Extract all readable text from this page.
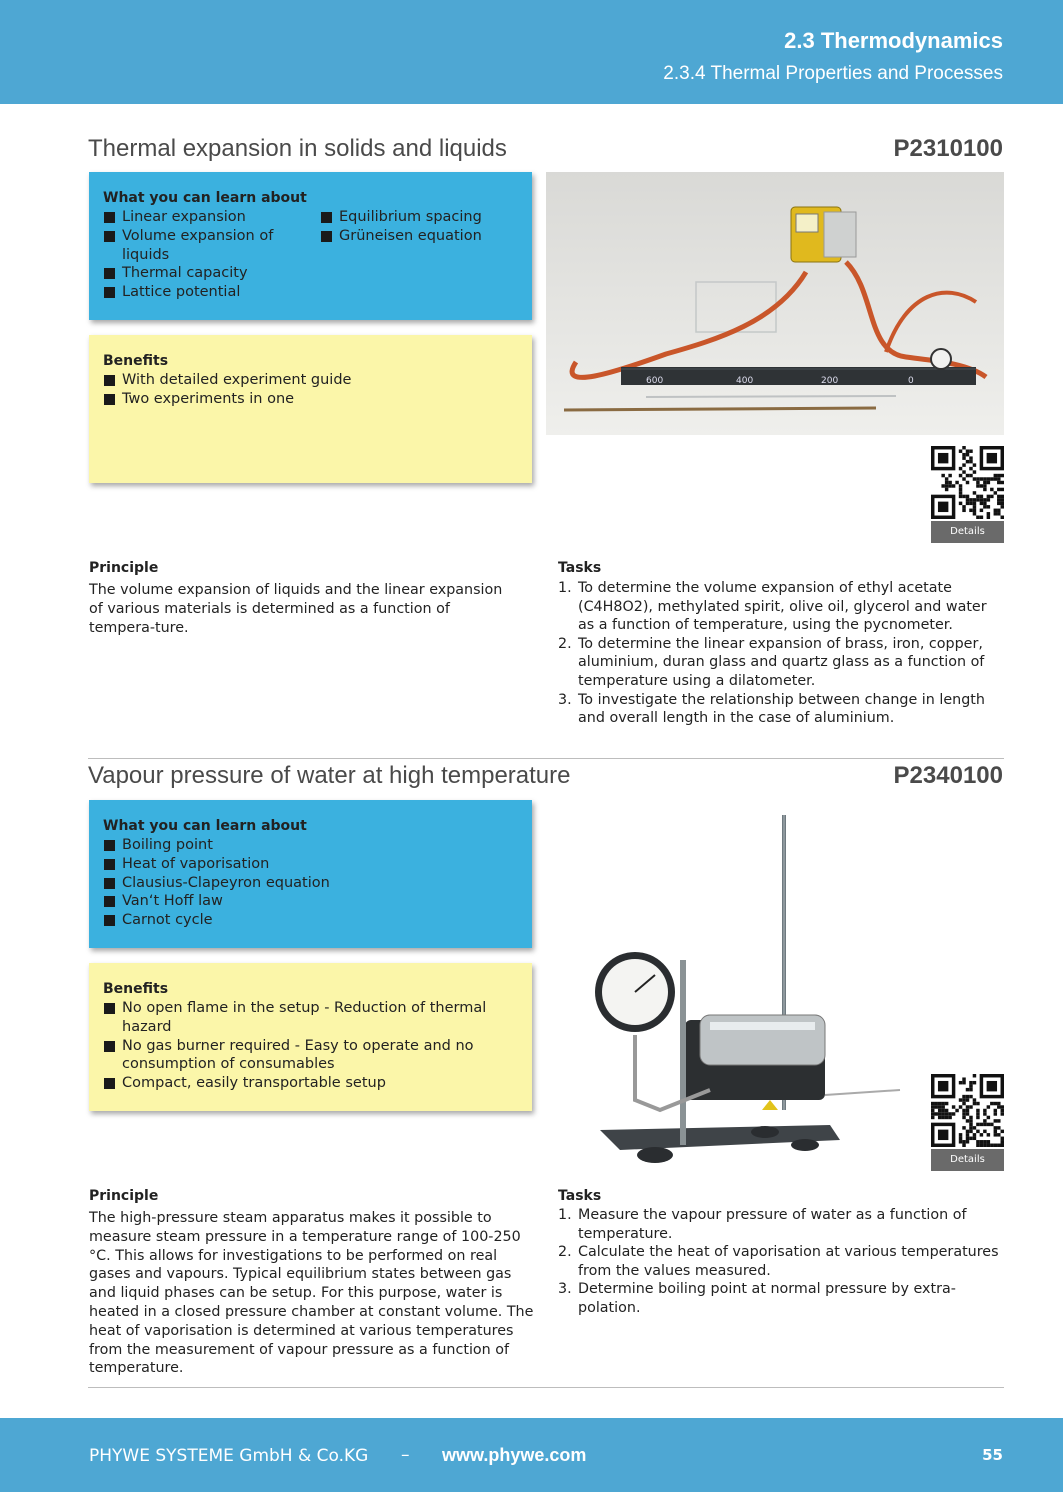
2.3 Thermodynamics
2.3.4 Thermal Properties and Processes
Thermal expansion in solids and liquids	P2310100
What you can learn about
Linear expansion
Volume expansion of liquids
Thermal capacity
Lattice potential
Equilibrium spacing
Grüneisen equation
Benefits
With detailed experiment guide
Two experiments in one
600	400	200	0
Details
Principle
The volume expansion of liquids and the linear expansion of various materials is determined as a function of tempera-ture.
Tasks
1. To determine the volume expansion of ethyl acetate (C4H8O2), methylated spirit, olive oil, glycerol and water as a function of temperature, using the pycnometer.
2. To determine the linear expansion of brass, iron, copper, aluminium, duran glass and quartz glass as a function of temperature using a dilatometer.
3. To investigate the relationship between change in length and overall length in the case of aluminium.
Vapour pressure of water at high temperature	P2340100
What you can learn about
Boiling point
Heat of vaporisation
Clausius-Clapeyron equation
Van‘t Hoff law
Carnot cycle
Benefits
No open flame in the setup - Reduction of thermal hazard
No gas burner required - Easy to operate and no consumption of consumables
Compact, easily transportable setup
Details
Principle
The high-pressure steam apparatus makes it possible to measure steam pressure in a temperature range of 100-250 °C. This allows for investigations to be performed on real gases and vapours. Typical equilibrium states between gas and liquid phases can be setup. For this purpose, water is heated in a closed pressure chamber at constant volume. The heat of vaporisation is determined at various temperatures from the measurement of vapour pressure as a function of temperature.
Tasks
1. Measure the vapour pressure of water as a function of temperature.
2. Calculate the heat of vaporisation at various temperatures from the values measured.
3. Determine boiling point at normal pressure by extra-polation.
PHYWE SYSTEME GmbH & Co.KG – www.phywe.com	55
